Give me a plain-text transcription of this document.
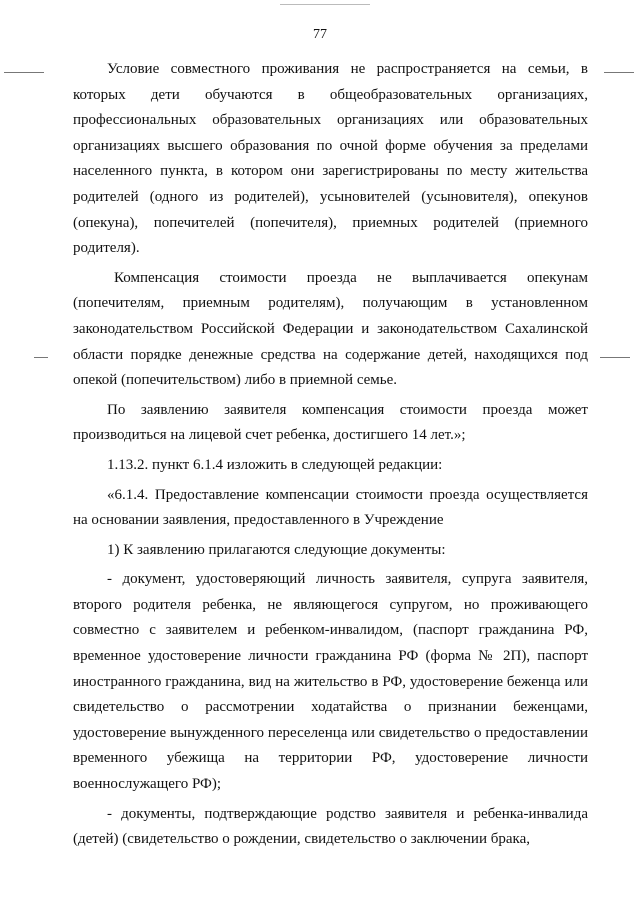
77

Условие совместного проживания не распространяется на семьи, в которых дети обучаются в общеобразовательных организациях, профессиональных образовательных организациях или образовательных организациях высшего образования по очной форме обучения за пределами населенного пункта, в котором они зарегистрированы по месту жительства родителей (одного из родителей), усыновителей (усыновителя), опекунов (опекуна), попечителей (попечителя), приемных родителей (приемного родителя).

Компенсация стоимости проезда не выплачивается опекунам (попечителям, приемным родителям), получающим в установленном законодательством Российской Федерации и законодательством Сахалинской области порядке денежные средства на содержание детей, находящихся под опекой (попечительством) либо в приемной семье.

По заявлению заявителя компенсация стоимости проезда может производиться на лицевой счет ребенка, достигшего 14 лет.»;

1.13.2. пункт 6.1.4 изложить в следующей редакции:

«6.1.4. Предоставление компенсации стоимости проезда осуществляется на основании заявления, предоставленного в Учреждение

1) К заявлению прилагаются следующие документы:

- документ, удостоверяющий личность заявителя, супруга заявителя, второго родителя ребенка, не являющегося супругом, но проживающего совместно с заявителем и ребенком-инвалидом, (паспорт гражданина РФ, временное удостоверение личности гражданина РФ (форма № 2П), паспорт иностранного гражданина, вид на жительство в РФ, удостоверение беженца или свидетельство о рассмотрении ходатайства о признании беженцами, удостоверение вынужденного переселенца или свидетельство о предоставлении временного убежища на территории РФ, удостоверение личности военнослужащего РФ);

- документы, подтверждающие родство заявителя и ребенка-инвалида (детей) (свидетельство о рождении, свидетельство о заключении брака,
